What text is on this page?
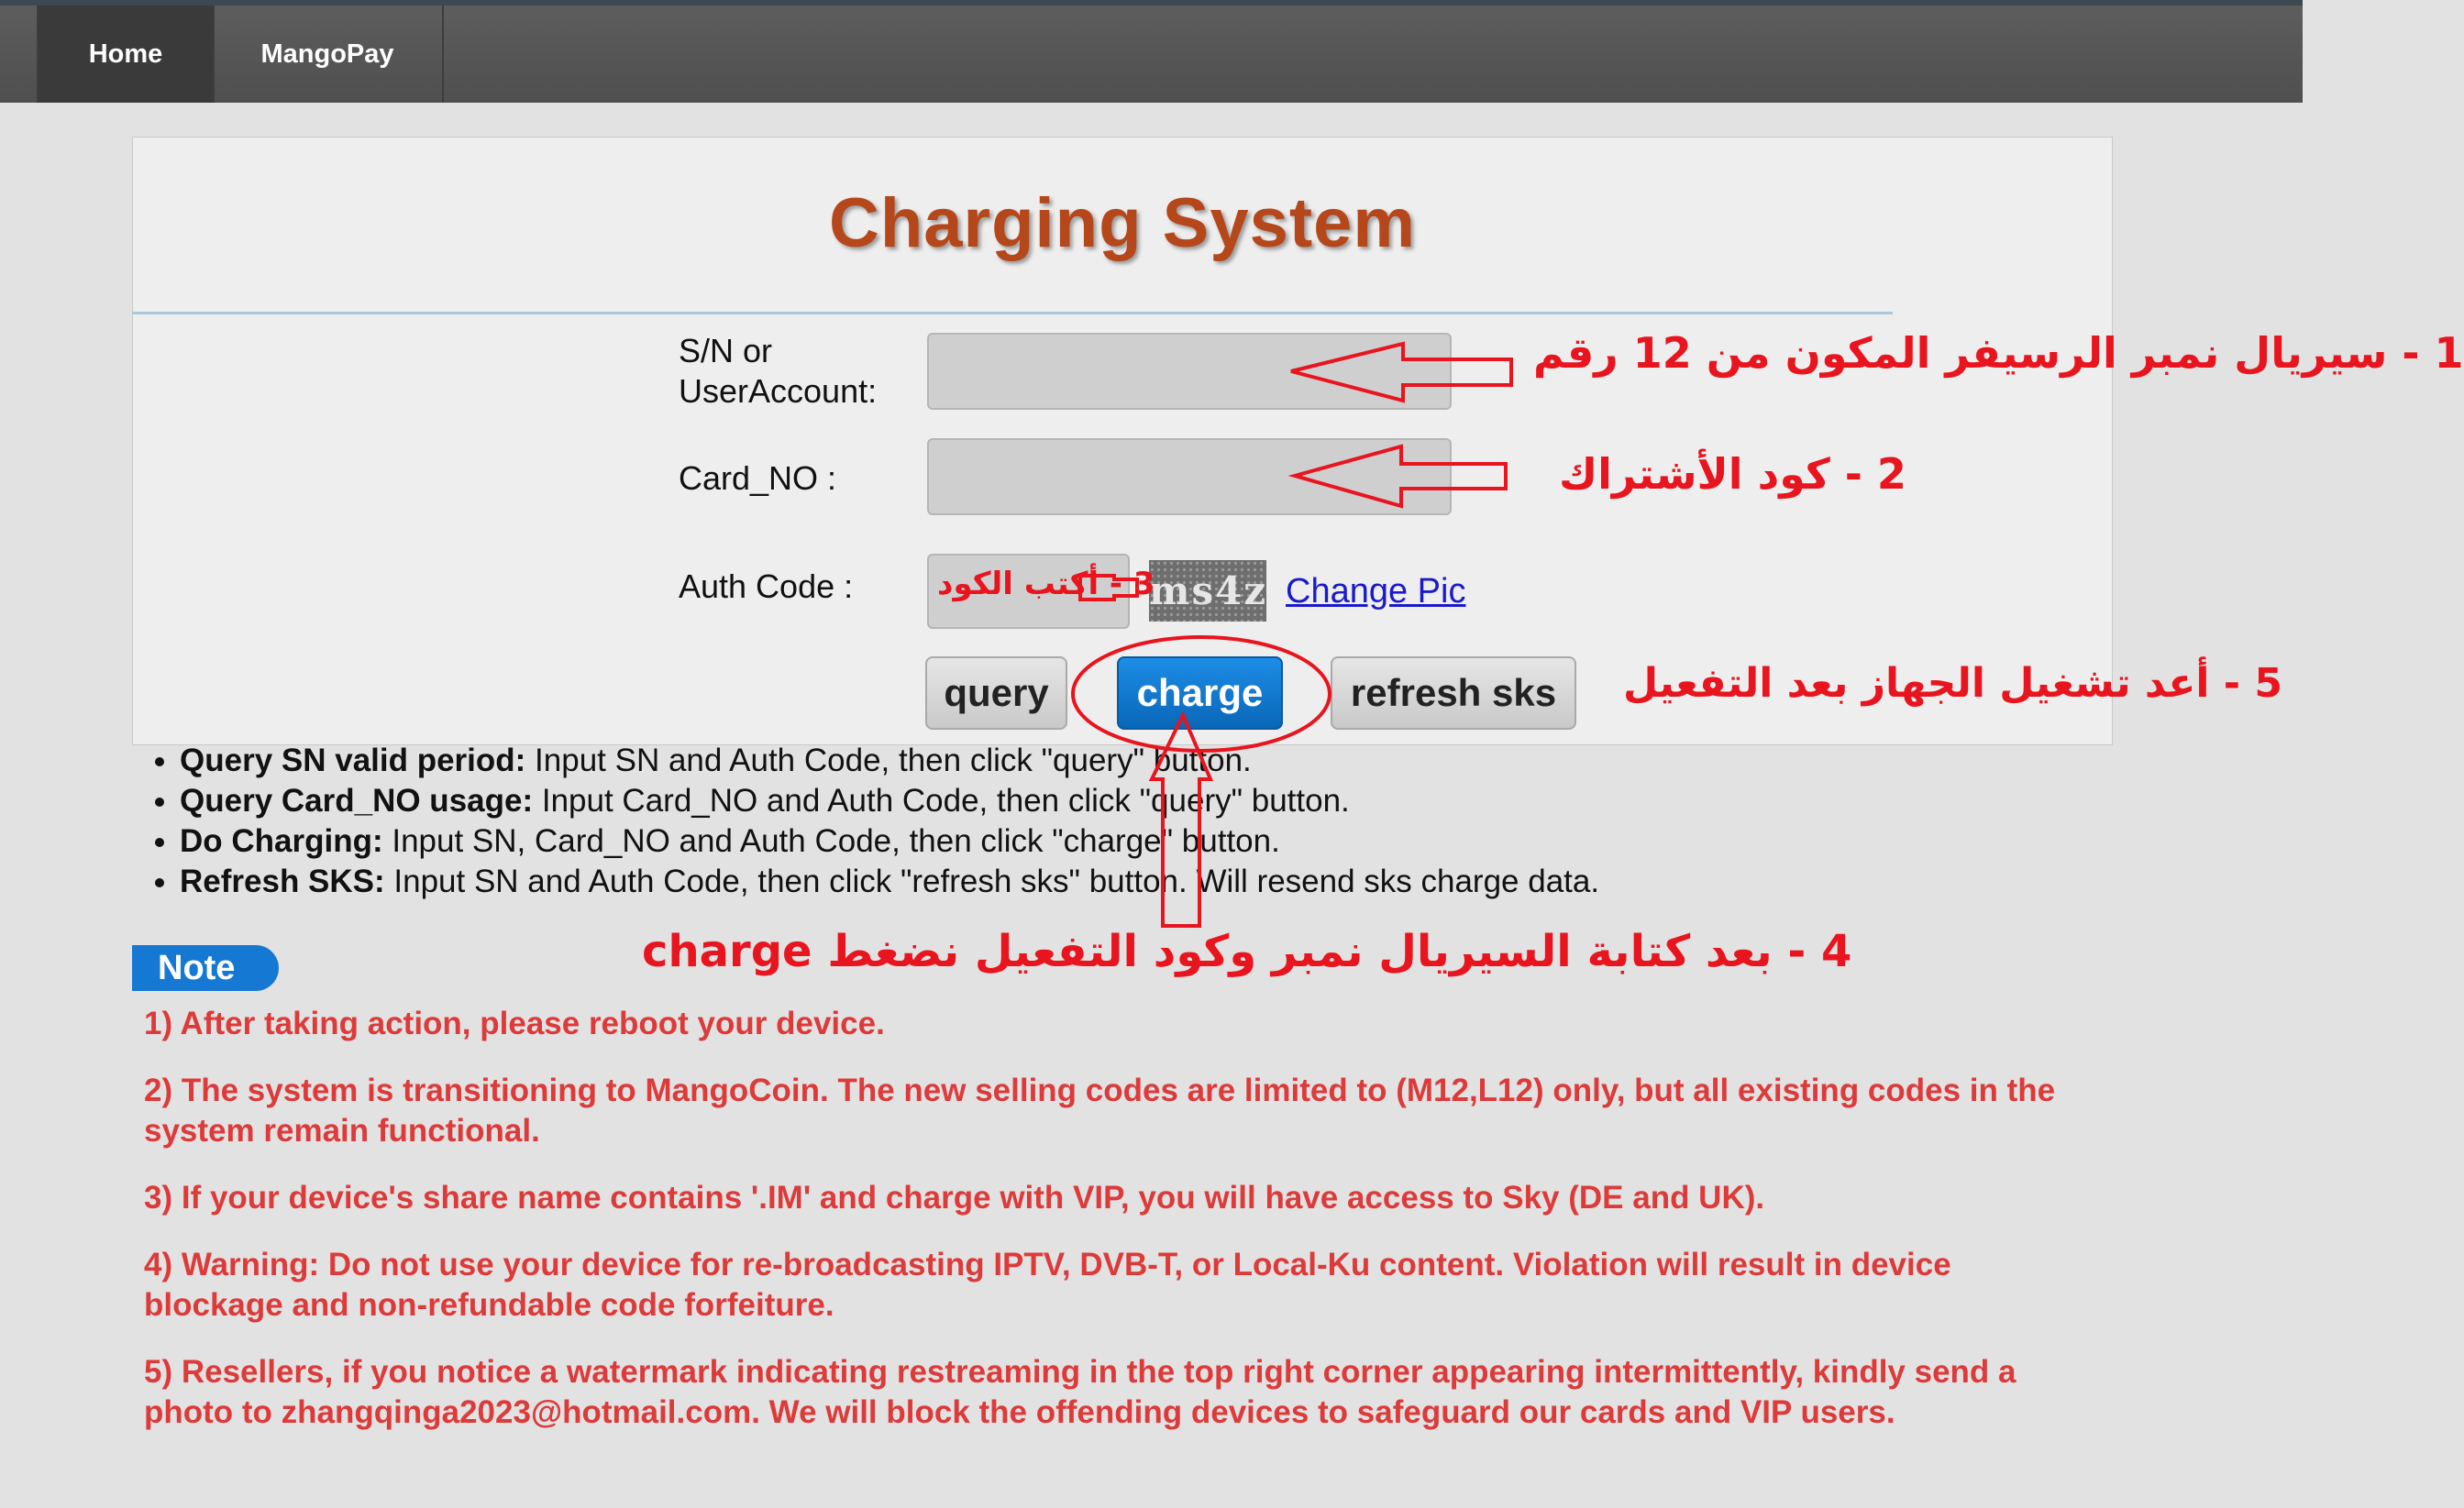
Home	MangoPay
Charging System
S/N or
UserAccount:
Card_NO :
Auth Code :	ms4z Change Pic
query	charge	refresh sks
• Query SN valid period: Input SN and Auth Code, then click "query" button.
• Query Card_NO usage: Input Card_NO and Auth Code, then click "query" button.
• Do Charging: Input SN, Card_NO and Auth Code, then click "charge" button.
• Refresh SKS: Input SN and Auth Code, then click "refresh sks" button. Will resend sks charge data.
Note
1) After taking action, please reboot your device.
2) The system is transitioning to MangoCoin. The new selling codes are limited to (M12,L12) only, but all existing codes in the system remain functional.
3) If your device's share name contains '.IM' and charge with VIP, you will have access to Sky (DE and UK).
4) Warning: Do not use your device for re-broadcasting IPTV, DVB-T, or Local-Ku content. Violation will result in device blockage and non-refundable code forfeiture.
5) Resellers, if you notice a watermark indicating restreaming in the top right corner appearing intermittently, kindly send a photo to zhangqinga2023@hotmail.com. We will block the offending devices to safeguard our cards and VIP users.
1 - سيريال نمبر الرسيفر المكون من 12 رقم
2 - كود الأشتراك
3 - أكتب الكود
4 - بعد كتابة السيريال نمبر وكود التفعيل نضغط charge
5 - أعد تشغيل الجهاز بعد التفعيل
